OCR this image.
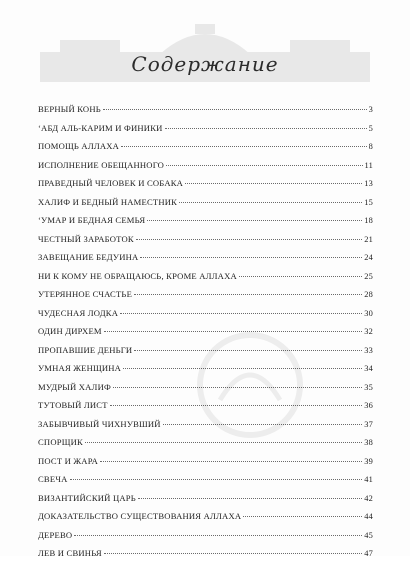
Содержание
ВЕРНЫЙ КОНЬ	3
ʻАБД АЛЬ-КАРИМ И ФИНИКИ	5
ПОМОЩЬ АЛЛАХА	8
ИСПОЛНЕНИЕ ОБЕЩАННОГО	11
ПРАВЕДНЫЙ ЧЕЛОВЕК И СОБАКА	13
ХАЛИФ И БЕДНЫЙ НАМЕСТНИК	15
ʻУМАР И БЕДНАЯ СЕМЬЯ	18
ЧЕСТНЫЙ ЗАРАБОТОК	21
ЗАВЕЩАНИЕ БЕДУИНА	24
НИ К КОМУ НЕ ОБРАЩАЮСЬ, КРОМЕ АЛЛАХА	25
УТЕРЯННОЕ СЧАСТЬЕ	28
ЧУДЕСНАЯ ЛОДКА	30
ОДИН ДИРХЕМ	32
ПРОПАВШИЕ ДЕНЬГИ	33
УМНАЯ ЖЕНЩИНА	34
МУДРЫЙ ХАЛИФ	35
ТУТОВЫЙ ЛИСТ	36
ЗАБЫВЧИВЫЙ ЧИХНУВШИЙ	37
СПОРЩИК	38
ПОСТ И ЖАРА	39
СВЕЧА	41
ВИЗАНТИЙСКИЙ ЦАРЬ	42
ДОКАЗАТЕЛЬСТВО СУЩЕСТВОВАНИЯ АЛЛАХА	44
ДЕРЕВО	45
ЛЕВ И СВИНЬЯ	47
